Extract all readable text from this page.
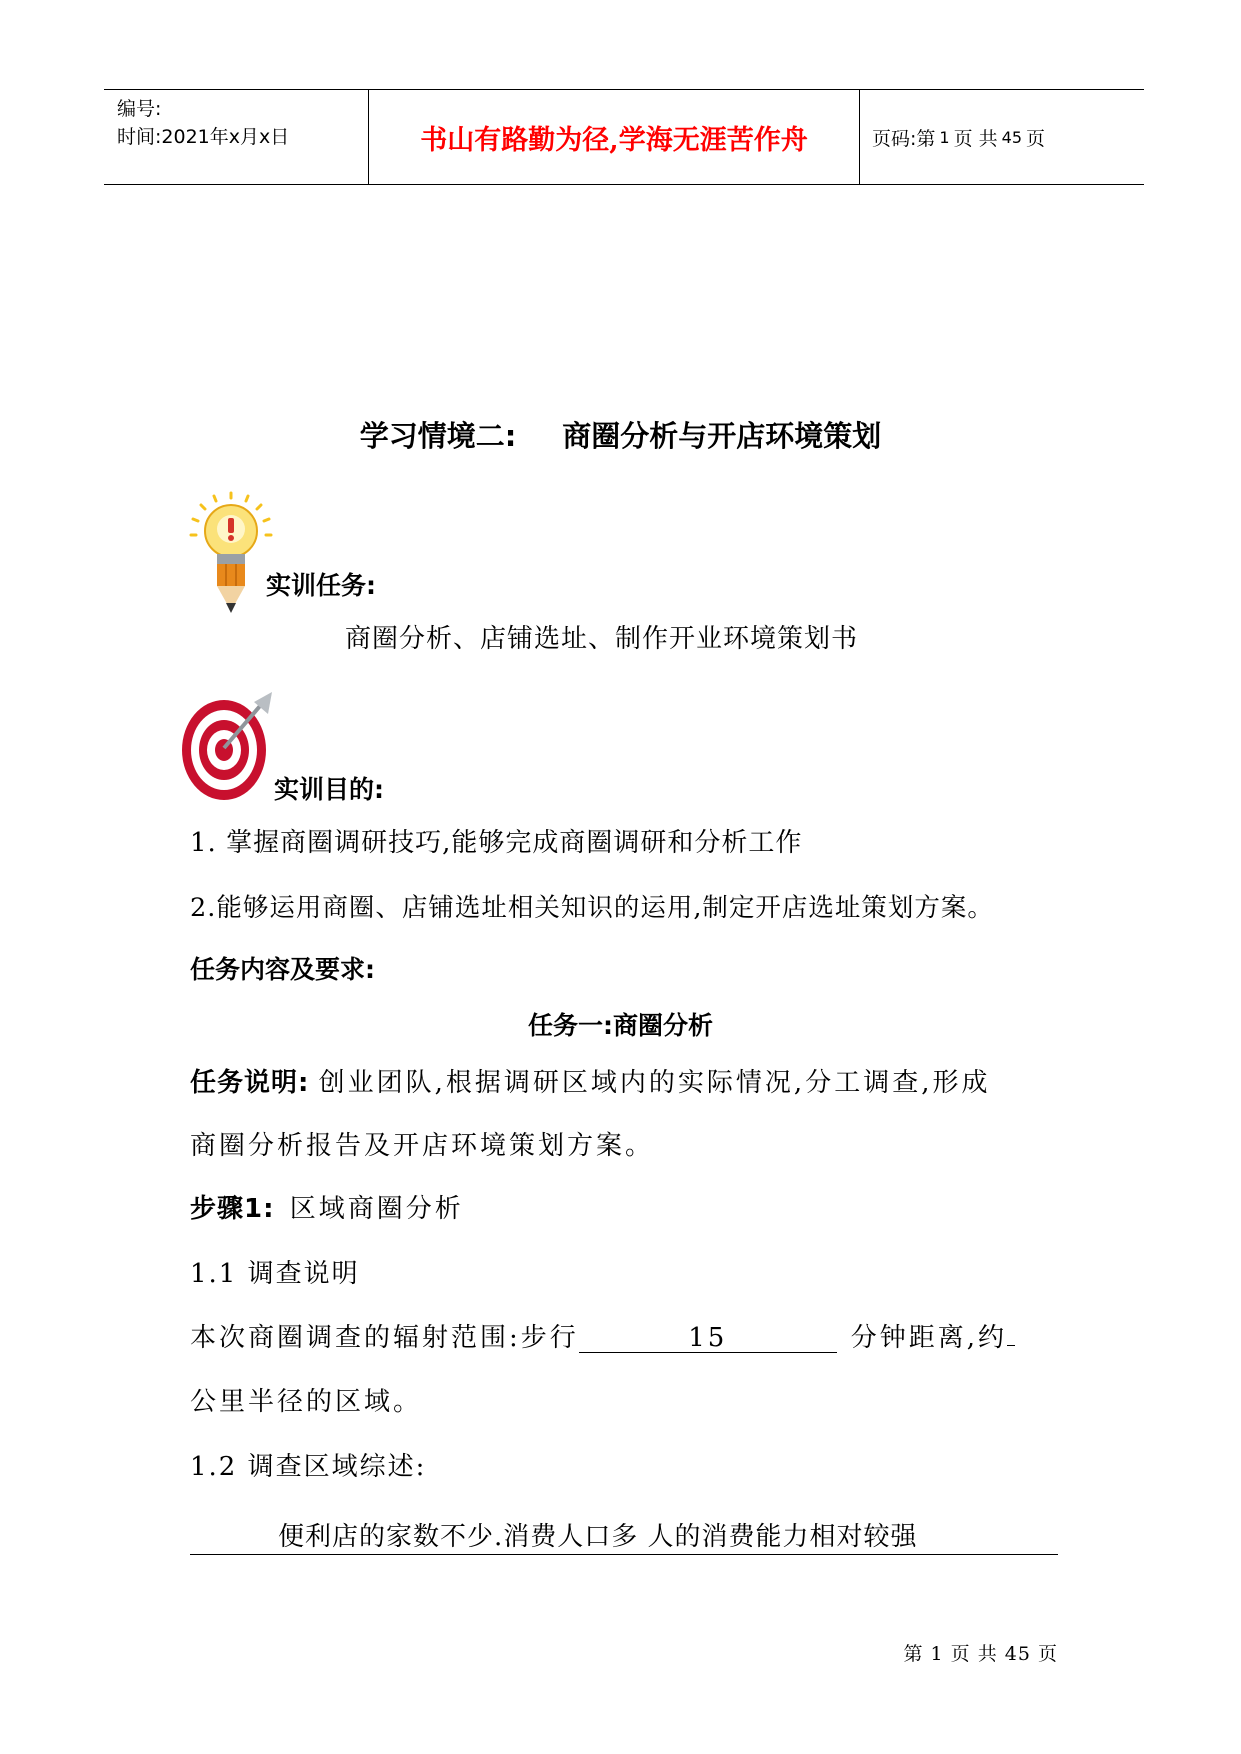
编号:
时间:2021年x月x日	书山有路勤为径,学海无涯苦作舟	页码:第 1 页 共 45 页
学习情境二: 商圈分析与开店环境策划
实训任务:
商圈分析、店铺选址、制作开业环境策划书
实训目的:
1. 掌握商圈调研技巧,能够完成商圈调研和分析工作
2.能够运用商圈、店铺选址相关知识的运用,制定开店选址策划方案。
任务内容及要求:
任务一:商圈分析
任务说明: 创业团队,根据调研区域内的实际情况,分工调查,形成
商圈分析报告及开店环境策划方案。
步骤1: 区域商圈分析
1.1 调查说明
本次商圈调查的辐射范围:步行	15	分钟距离,约
公里半径的区域。
1.2 调查区域综述:
便利店的家数不少.消费人口多 人的消费能力相对较强
第 1 页 共 45 页
